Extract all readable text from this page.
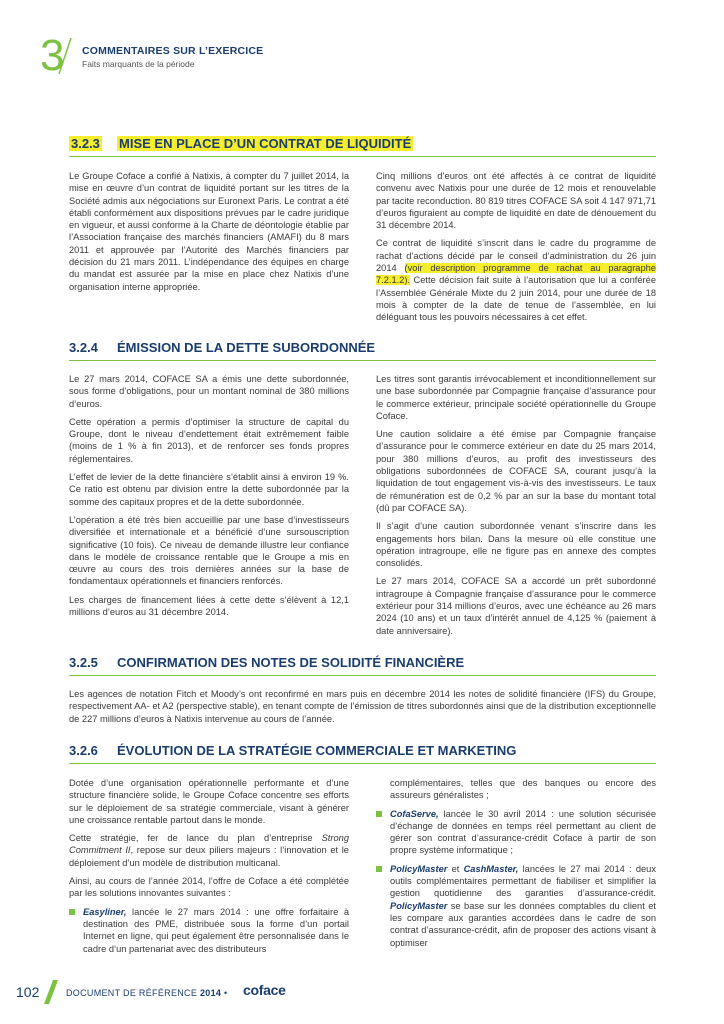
3 COMMENTAIRES SUR L’EXERCICE
Faits marquants de la période
3.2.3 MISE EN PLACE D’UN CONTRAT DE LIQUIDITÉ

Le Groupe Coface a confié à Natixis, à compter du 7 juillet 2014, la mise en œuvre d’un contrat de liquidité portant sur les titres de la Société admis aux négociations sur Euronext Paris. Le contrat a été établi conformément aux dispositions prévues par le cadre juridique en vigueur, et aussi conforme à la Charte de déontologie établie par l’Association française des marchés financiers (AMAFI) du 8 mars 2011 et approuvée par l’Autorité des Marchés financiers par décision du 21 mars 2011. L’indépendance des équipes en charge du mandat est assurée par la mise en place chez Natixis d’une organisation interne appropriée.

Cinq millions d’euros ont été affectés à ce contrat de liquidité convenu avec Natixis pour une durée de 12 mois et renouvelable par tacite reconduction. 80 819 titres COFACE SA soit 4 147 971,71 d’euros figuraient au compte de liquidité en date de dénouement du 31 décembre 2014.

Ce contrat de liquidité s’inscrit dans le cadre du programme de rachat d’actions décidé par le conseil d’administration du 26 juin 2014 (voir description programme de rachat au paragraphe 7.2.1.2). Cette décision fait suite à l’autorisation que lui a conférée l’Assemblée Générale Mixte du 2 juin 2014, pour une durée de 18 mois à compter de la date de tenue de l’assemblée, en lui déléguant tous les pouvoirs nécessaires à cet effet.

3.2.4 ÉMISSION DE LA DETTE SUBORDONNÉE

Le 27 mars 2014, COFACE SA a émis une dette subordonnée, sous forme d’obligations, pour un montant nominal de 380 millions d’euros.

Cette opération a permis d’optimiser la structure de capital du Groupe, dont le niveau d’endettement était extrêmement faible (moins de 1 % à fin 2013), et de renforcer ses fonds propres réglementaires.

L’effet de levier de la dette financière s’établit ainsi à environ 19 %. Ce ratio est obtenu par division entre la dette subordonnée par la somme des capitaux propres et de la dette subordonnée.

L’opération a été très bien accueillie par une base d’investisseurs diversifiée et internationale et a bénéficié d’une sursouscription significative (10 fois). Ce niveau de demande illustre leur confiance dans le modèle de croissance rentable que le Groupe a mis en œuvre au cours des trois dernières années sur la base de fondamentaux opérationnels et financiers renforcés.

Les charges de financement liées à cette dette s’élèvent à 12,1 millions d’euros au 31 décembre 2014.

Les titres sont garantis irrévocablement et inconditionnellement sur une base subordonnée par Compagnie française d’assurance pour le commerce extérieur, principale société opérationnelle du Groupe Coface.

Une caution solidaire a été émise par Compagnie française d’assurance pour le commerce extérieur en date du 25 mars 2014, pour 380 millions d’euros, au profit des investisseurs des obligations subordonnées de COFACE SA, courant jusqu’à la liquidation de tout engagement vis-à-vis des investisseurs. Le taux de rémunération est de 0,2 % par an sur la base du montant total (dû par COFACE SA).

Il s’agit d’une caution subordonnée venant s’inscrire dans les engagements hors bilan. Dans la mesure où elle constitue une opération intragroupe, elle ne figure pas en annexe des comptes consolidés.

Le 27 mars 2014, COFACE SA a accordé un prêt subordonné intragroupe à Compagnie française d’assurance pour le commerce extérieur pour 314 millions d’euros, avec une échéance au 26 mars 2024 (10 ans) et un taux d’intérêt annuel de 4,125 % (paiement à date anniversaire).

3.2.5 CONFIRMATION DES NOTES DE SOLIDITÉ FINANCIÈRE

Les agences de notation Fitch et Moody’s ont reconfirmé en mars puis en décembre 2014 les notes de solidité financière (IFS) du Groupe, respectivement AA- et A2 (perspective stable), en tenant compte de l’émission de titres subordonnés ainsi que de la distribution exceptionnelle de 227 millions d’euros à Natixis intervenue au cours de l’année.

3.2.6 ÉVOLUTION DE LA STRATÉGIE COMMERCIALE ET MARKETING

Dotée d’une organisation opérationnelle performante et d’une structure financière solide, le Groupe Coface concentre ses efforts sur le déploiement de sa stratégie commerciale, visant à générer une croissance rentable partout dans le monde.

Cette stratégie, fer de lance du plan d’entreprise Strong Commitment II, repose sur deux piliers majeurs : l’innovation et le déploiement d’un modèle de distribution multicanal.

Ainsi, au cours de l’année 2014, l’offre de Coface a été complétée par les solutions innovantes suivantes :

Easyliner, lancée le 27 mars 2014 : une offre forfaitaire à destination des PME, distribuée sous la forme d’un portail Internet en ligne, qui peut également être personnalisée dans le cadre d’un partenariat avec des distributeurs

complémentaires, telles que des banques ou encore des assureurs généralistes ;

CofaServe, lancée le 30 avril 2014 : une solution sécurisée d’échange de données en temps réel permettant au client de gérer son contrat d’assurance-crédit Coface à partir de son propre système informatique ;
PolicyMaster et CashMaster, lancées le 27 mai 2014 : deux outils complémentaires permettant de fiabiliser et simplifier la gestion quotidienne des garanties d’assurance-crédit. PolicyMaster se base sur les données comptables du client et les compare aux garanties accordées dans le cadre de son contrat d’assurance-crédit, afin de proposer des actions visant à optimiser
102	DOCUMENT DE RÉFÉRENCE 2014 • coface
